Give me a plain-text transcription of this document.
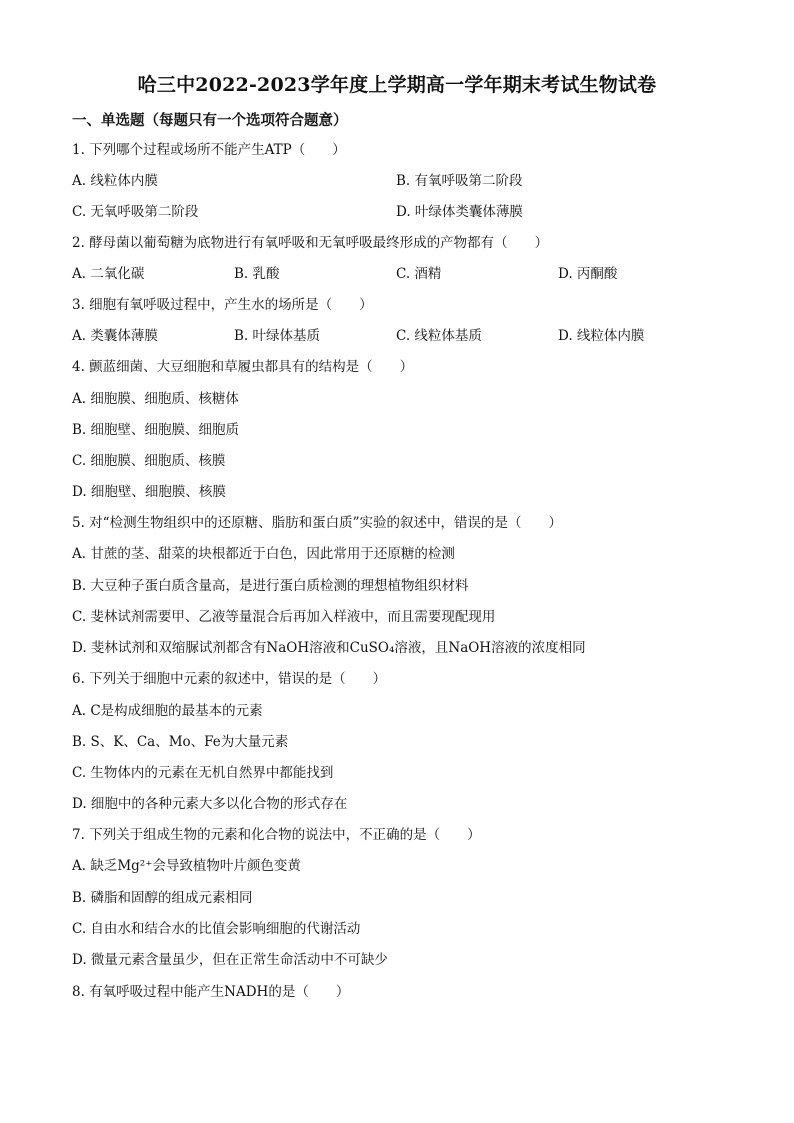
哈三中2022-2023学年度上学期高一学年期末考试生物试卷
一、单选题（每题只有一个选项符合题意）
1. 下列哪个过程或场所不能产生ATP（　　）
A. 线粒体内膜	B. 有氧呼吸第二阶段
C. 无氧呼吸第二阶段	D. 叶绿体类囊体薄膜
2. 酵母菌以葡萄糖为底物进行有氧呼吸和无氧呼吸最终形成的产物都有（　　）
A. 二氧化碳	B. 乳酸	C. 酒精	D. 丙酮酸
3. 细胞有氧呼吸过程中，产生水的场所是（　　）
A. 类囊体薄膜	B. 叶绿体基质	C. 线粒体基质	D. 线粒体内膜
4. 颤蓝细菌、大豆细胞和草履虫都具有的结构是（　　）
A. 细胞膜、细胞质、核糖体
B. 细胞壁、细胞膜、细胞质
C. 细胞膜、细胞质、核膜
D. 细胞壁、细胞膜、核膜
5. 对“检测生物组织中的还原糖、脂肪和蛋白质”实验的叙述中，错误的是（　　）
A. 甘蔗的茎、甜菜的块根都近于白色，因此常用于还原糖的检测
B. 大豆种子蛋白质含量高，是进行蛋白质检测的理想植物组织材料
C. 斐林试剂需要甲、乙液等量混合后再加入样液中，而且需要现配现用
D. 斐林试剂和双缩脲试剂都含有NaOH溶液和CuSO₄溶液，且NaOH溶液的浓度相同
6. 下列关于细胞中元素的叙述中，错误的是（　　）
A. C是构成细胞的最基本的元素
B. S、K、Ca、Mo、Fe为大量元素
C. 生物体内的元素在无机自然界中都能找到
D. 细胞中的各种元素大多以化合物的形式存在
7. 下列关于组成生物的元素和化合物的说法中，不正确的是（　　）
A. 缺乏Mg²⁺会导致植物叶片颜色变黄
B. 磷脂和固醇的组成元素相同
C. 自由水和结合水的比值会影响细胞的代谢活动
D. 微量元素含量虽少，但在正常生命活动中不可缺少
8. 有氧呼吸过程中能产生NADH的是（　　）
